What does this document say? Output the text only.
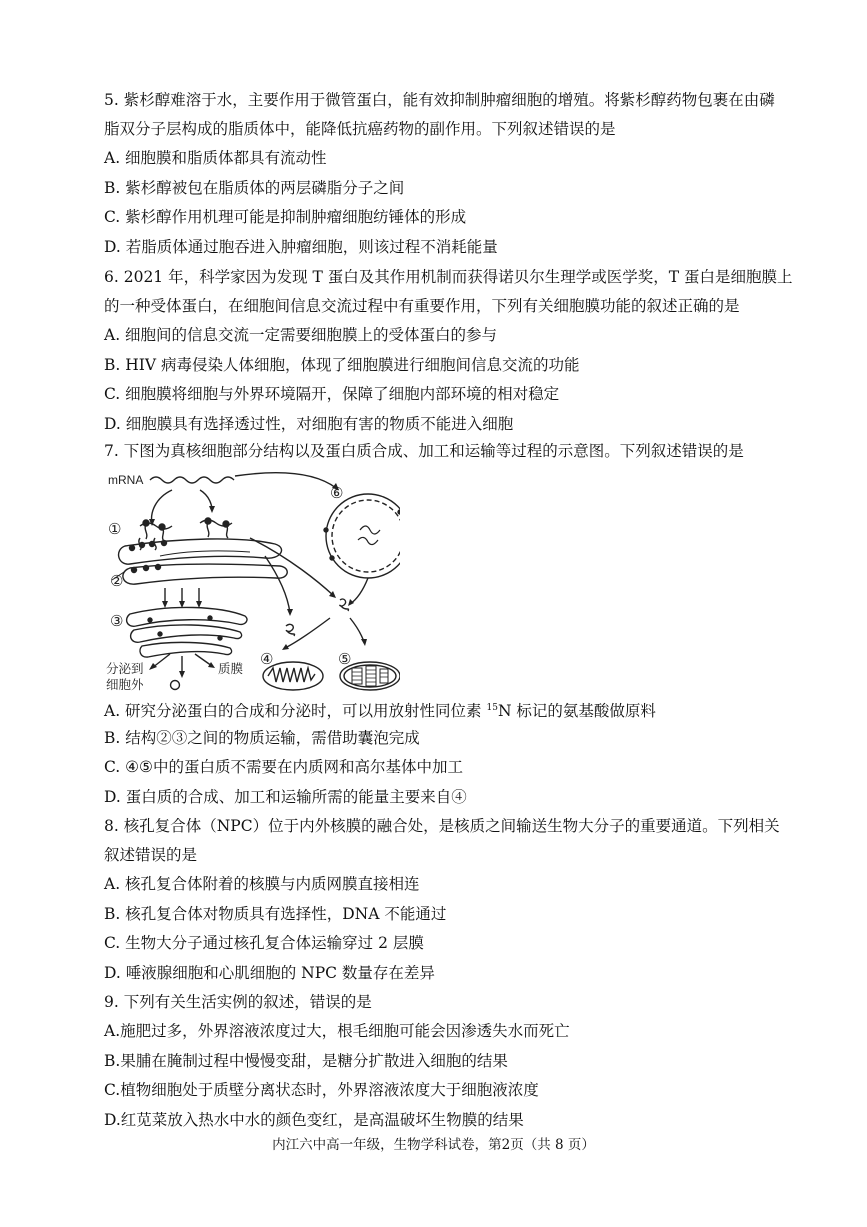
5. 紫杉醇难溶于水，主要作用于微管蛋白，能有效抑制肿瘤细胞的增殖。将紫杉醇药物包裹在由磷
脂双分子层构成的脂质体中，能降低抗癌药物的副作用。下列叙述错误的是
A. 细胞膜和脂质体都具有流动性
B. 紫杉醇被包在脂质体的两层磷脂分子之间
C. 紫杉醇作用机理可能是抑制肿瘤细胞纺锤体的形成
D. 若脂质体通过胞吞进入肿瘤细胞，则该过程不消耗能量
6. 2021 年，科学家因为发现 T 蛋白及其作用机制而获得诺贝尔生理学或医学奖，T 蛋白是细胞膜上
的一种受体蛋白，在细胞间信息交流过程中有重要作用，下列有关细胞膜功能的叙述正确的是
A. 细胞间的信息交流一定需要细胞膜上的受体蛋白的参与
B. HIV 病毒侵染人体细胞，体现了细胞膜进行细胞间信息交流的功能
C. 细胞膜将细胞与外界环境隔开，保障了细胞内部环境的相对稳定
D. 细胞膜具有选择透过性，对细胞有害的物质不能进入细胞
7. 下图为真核细胞部分结构以及蛋白质合成、加工和运输等过程的示意图。下列叙述错误的是
mRNA
①
②
③
④	⑤
⑥
分泌到
细胞外
质膜
A. 研究分泌蛋白的合成和分泌时，可以用放射性同位素 $^{15}$N 标记的氨基酸做原料
B. 结构②③之间的物质运输，需借助囊泡完成
C. ④⑤中的蛋白质不需要在内质网和高尔基体中加工
D. 蛋白质的合成、加工和运输所需的能量主要来自④
8. 核孔复合体（NPC）位于内外核膜的融合处，是核质之间输送生物大分子的重要通道。下列相关
叙述错误的是
A. 核孔复合体附着的核膜与内质网膜直接相连
B. 核孔复合体对物质具有选择性，DNA 不能通过
C. 生物大分子通过核孔复合体运输穿过 2 层膜
D. 唾液腺细胞和心肌细胞的 NPC 数量存在差异
9. 下列有关生活实例的叙述，错误的是
A.施肥过多，外界溶液浓度过大，根毛细胞可能会因渗透失水而死亡
B.果脯在腌制过程中慢慢变甜，是糖分扩散进入细胞的结果
C.植物细胞处于质壁分离状态时，外界溶液浓度大于细胞液浓度
D.红苋菜放入热水中水的颜色变红，是高温破坏生物膜的结果
内江六中高一年级，生物学科试卷，第2页（共 8 页）
